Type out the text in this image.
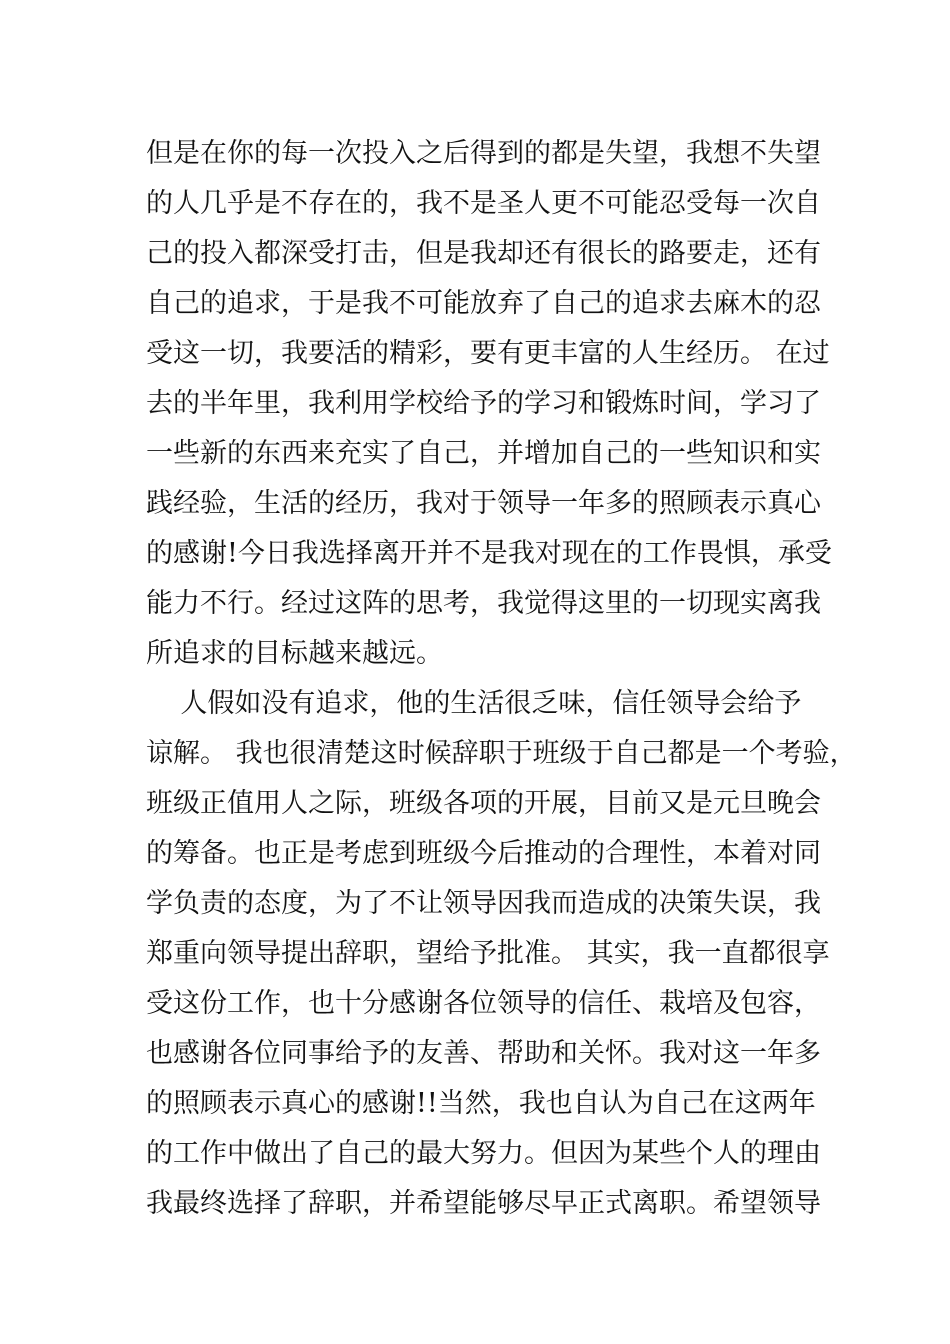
但是在你的每一次投入之后得到的都是失望，我想不失望
的人几乎是不存在的，我不是圣人更不可能忍受每一次自
己的投入都深受打击，但是我却还有很长的路要走，还有
自己的追求，于是我不可能放弃了自己的追求去麻木的忍
受这一切，我要活的精彩，要有更丰富的人生经历。 在过
去的半年里，我利用学校给予的学习和锻炼时间，学习了
一些新的东西来充实了自己，并增加自己的一些知识和实
践经验，生活的经历，我对于领导一年多的照顾表示真心
的感谢!今日我选择离开并不是我对现在的工作畏惧，承受
能力不行。经过这阵的思考，我觉得这里的一切现实离我
所追求的目标越来越远。
人假如没有追求，他的生活很乏味，信任领导会给予
谅解。 我也很清楚这时候辞职于班级于自己都是一个考验，
班级正值用人之际，班级各项的开展，目前又是元旦晚会
的筹备。也正是考虑到班级今后推动的合理性，本着对同
学负责的态度，为了不让领导因我而造成的决策失误，我
郑重向领导提出辞职，望给予批准。 其实，我一直都很享
受这份工作，也十分感谢各位领导的信任、栽培及包容，
也感谢各位同事给予的友善、帮助和关怀。我对这一年多
的照顾表示真心的感谢!!当然，我也自认为自己在这两年
的工作中做出了自己的最大努力。但因为某些个人的理由
我最终选择了辞职，并希望能够尽早正式离职。希望领导
